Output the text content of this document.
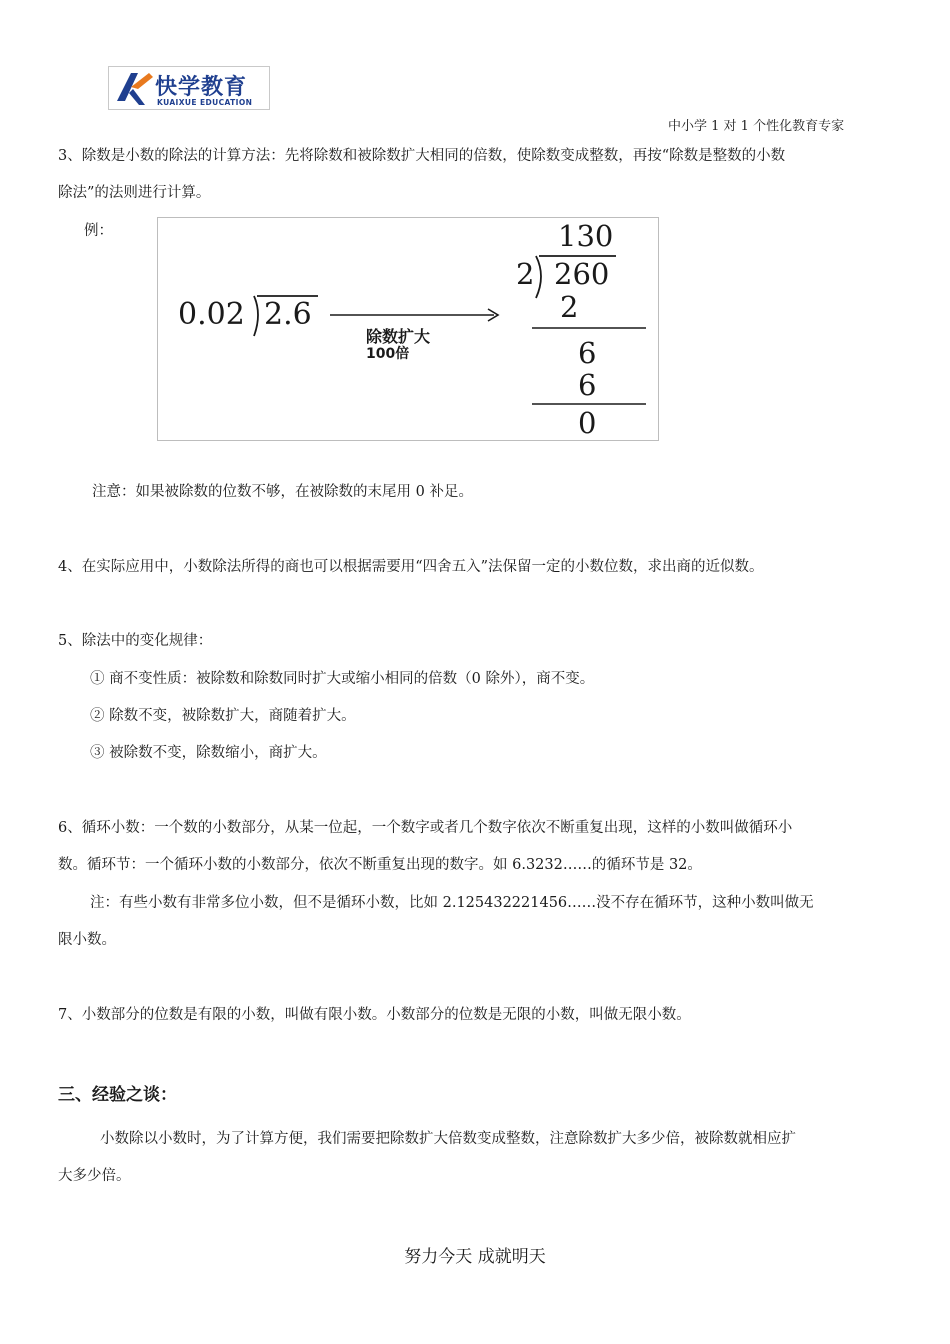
快学教育
KUAIXUE EDUCATION
中小学 1 对 1 个性化教育专家
3、除数是小数的除法的计算方法：先将除数和被除数扩大相同的倍数，使除数变成整数，再按“除数是整数的小数
除法”的法则进行计算。
例：
0.02 2.6
除数扩大
100倍
130
2 260
2
6
6
0
注意：如果被除数的位数不够，在被除数的末尾用 0 补足。
4、在实际应用中，小数除法所得的商也可以根据需要用“四舍五入”法保留一定的小数位数，求出商的近似数。
5、除法中的变化规律：
① 商不变性质：被除数和除数同时扩大或缩小相同的倍数（0 除外），商不变。
② 除数不变，被除数扩大，商随着扩大。
③ 被除数不变，除数缩小，商扩大。
6、循环小数：一个数的小数部分，从某一位起，一个数字或者几个数字依次不断重复出现，这样的小数叫做循环小
数。循环节：一个循环小数的小数部分，依次不断重复出现的数字。如 6.3232……的循环节是 32。
注：有些小数有非常多位小数，但不是循环小数，比如 2.125432221456……没不存在循环节，这种小数叫做无
限小数。
7、小数部分的位数是有限的小数，叫做有限小数。小数部分的位数是无限的小数，叫做无限小数。
三、经验之谈：
小数除以小数时，为了计算方便，我们需要把除数扩大倍数变成整数，注意除数扩大多少倍，被除数就相应扩
大多少倍。
努力今天 成就明天
